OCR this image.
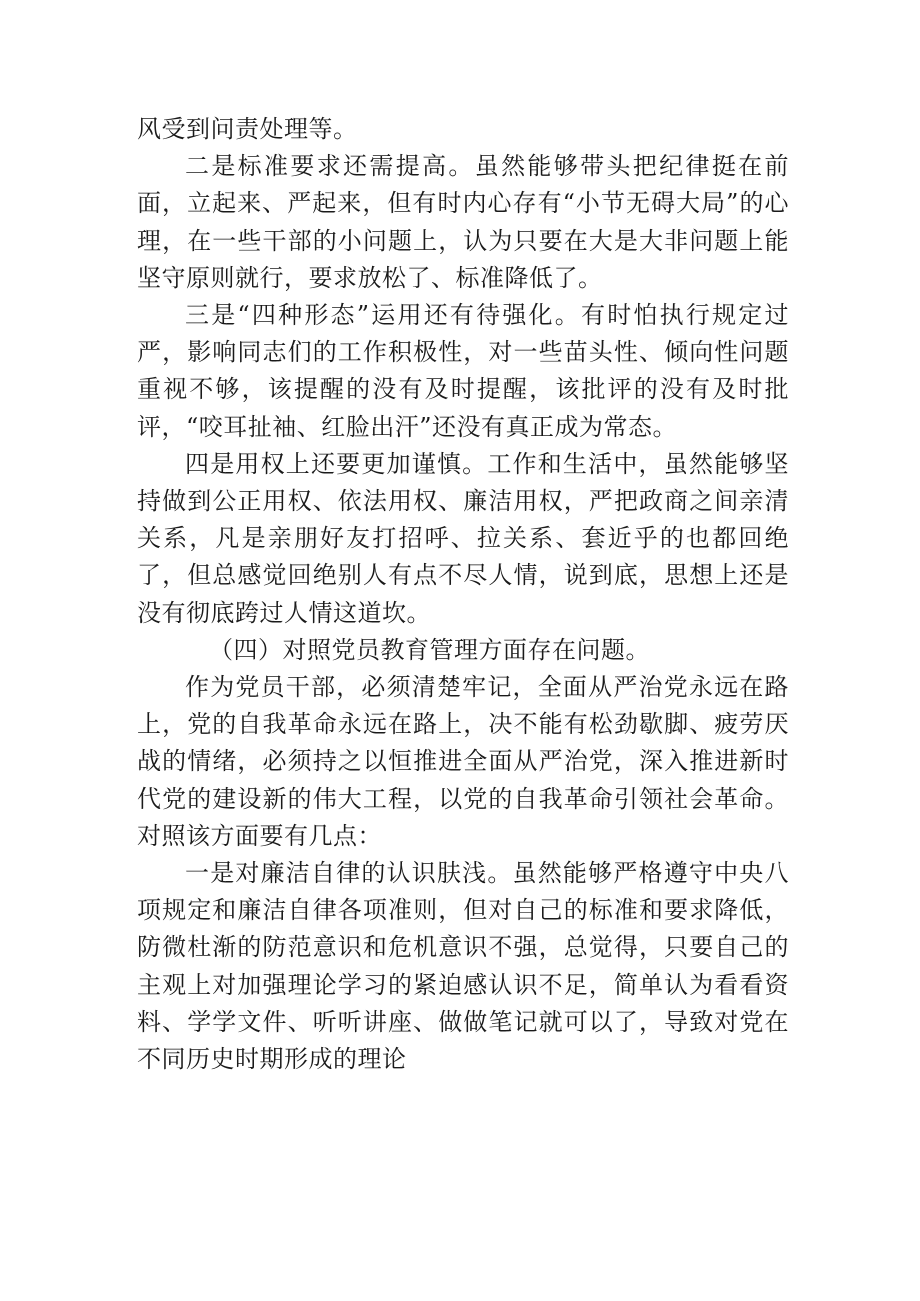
风受到问责处理等。

二是标准要求还需提高。虽然能够带头把纪律挺在前面，立起来、严起来，但有时内心存有“小节无碍大局”的心理，在一些干部的小问题上，认为只要在大是大非问题上能坚守原则就行，要求放松了、标准降低了。

三是“四种形态”运用还有待强化。有时怕执行规定过严，影响同志们的工作积极性，对一些苗头性、倾向性问题重视不够，该提醒的没有及时提醒，该批评的没有及时批评，“咬耳扯袖、红脸出汗”还没有真正成为常态。

四是用权上还要更加谨慎。工作和生活中，虽然能够坚持做到公正用权、依法用权、廉洁用权，严把政商之间亲清关系，凡是亲朋好友打招呼、拉关系、套近乎的也都回绝了，但总感觉回绝别人有点不尽人情，说到底，思想上还是没有彻底跨过人情这道坎。

（四）对照党员教育管理方面存在问题。

作为党员干部，必须清楚牢记，全面从严治党永远在路上，党的自我革命永远在路上，决不能有松劲歇脚、疲劳厌战的情绪，必须持之以恒推进全面从严治党，深入推进新时代党的建设新的伟大工程，以党的自我革命引领社会革命。对照该方面要有几点：

一是对廉洁自律的认识肤浅。虽然能够严格遵守中央八项规定和廉洁自律各项准则，但对自己的标准和要求降低，防微杜渐的防范意识和危机意识不强，总觉得，只要自己的主观上对加强理论学习的紧迫感认识不足，简单认为看看资料、学学文件、听听讲座、做做笔记就可以了，导致对党在不同历史时期形成的理论
